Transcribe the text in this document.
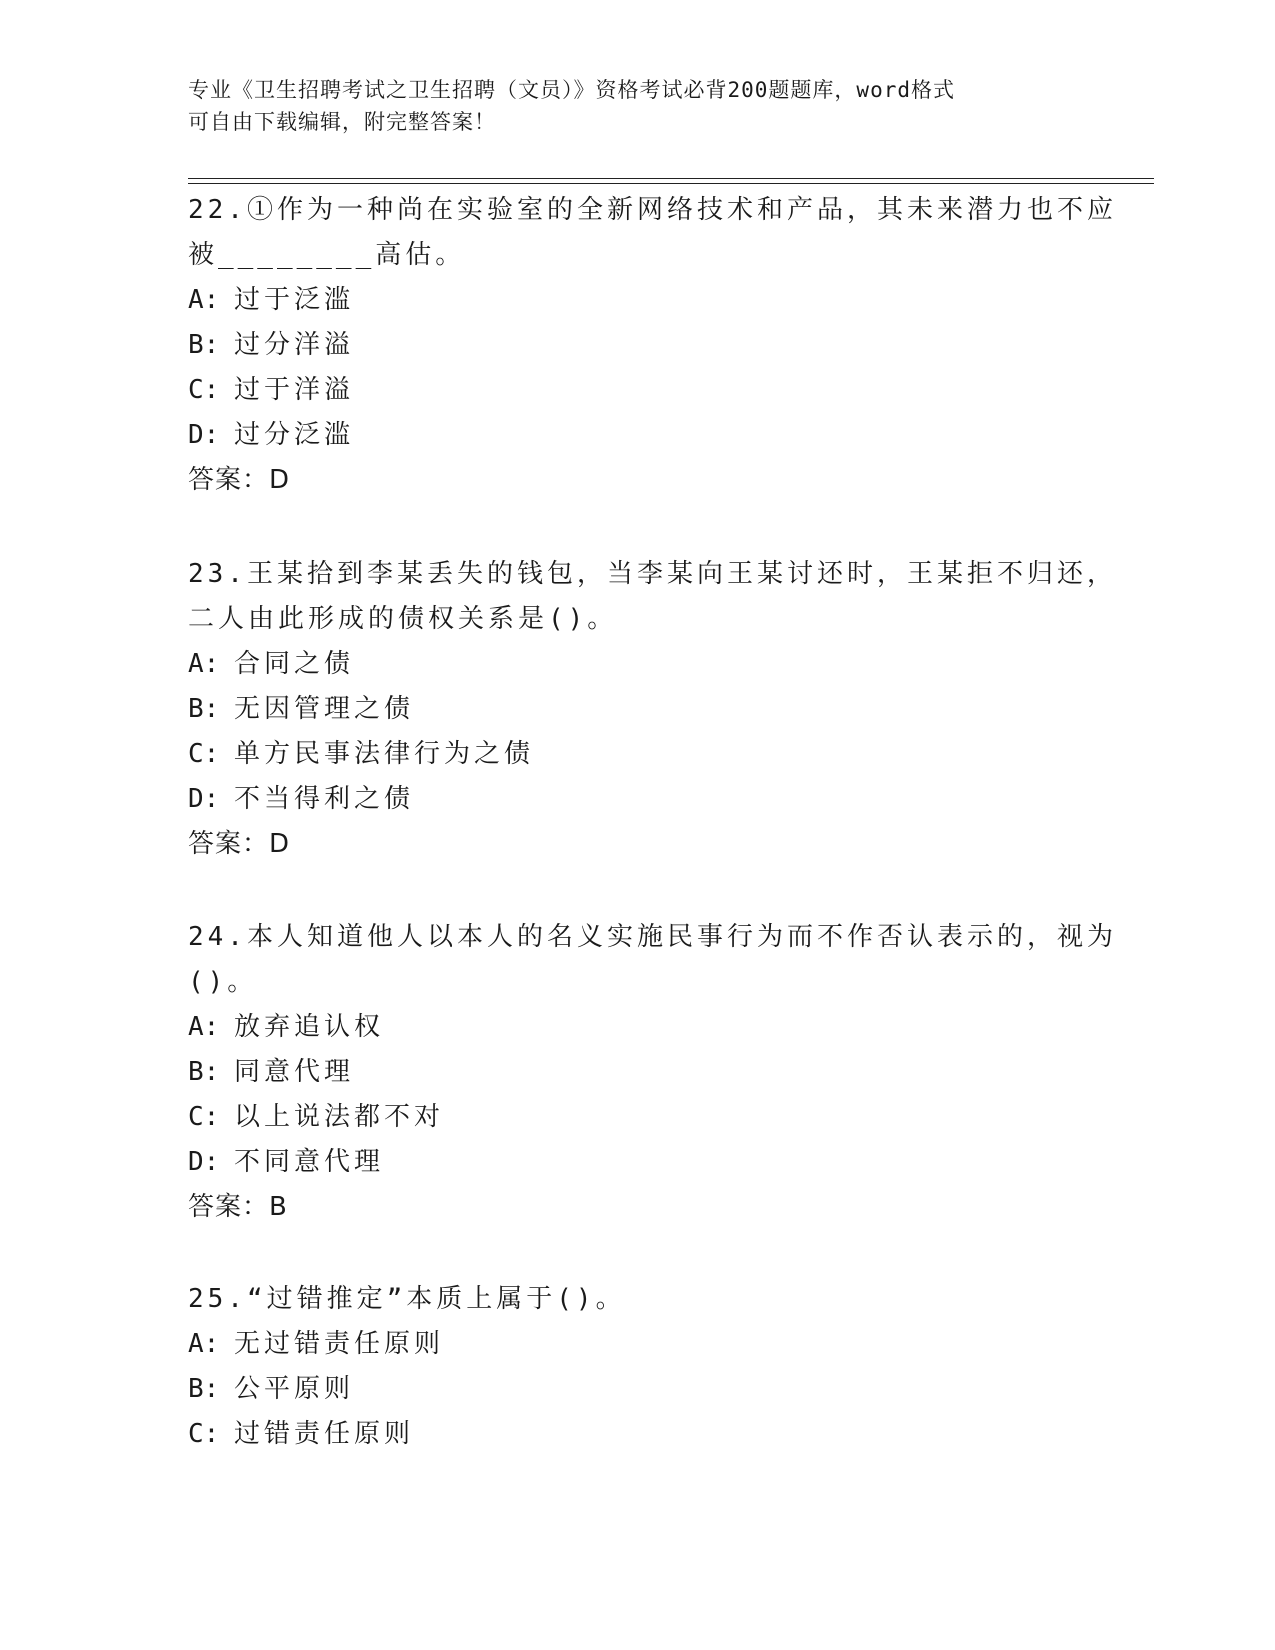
专业《卫生招聘考试之卫生招聘（文员）》资格考试必背200题题库，word格式
可自由下载编辑，附完整答案！
22.①作为一种尚在实验室的全新网络技术和产品，其未来潜力也不应
被________高估。
A: 过于泛滥
B: 过分洋溢
C: 过于洋溢
D: 过分泛滥
答案：D
23.王某拾到李某丢失的钱包，当李某向王某讨还时，王某拒不归还，
二人由此形成的债权关系是()。
A: 合同之债
B: 无因管理之债
C: 单方民事法律行为之债
D: 不当得利之债
答案：D
24.本人知道他人以本人的名义实施民事行为而不作否认表示的，视为
()。
A: 放弃追认权
B: 同意代理
C: 以上说法都不对
D: 不同意代理
答案：B
25.“过错推定”本质上属于()。
A: 无过错责任原则
B: 公平原则
C: 过错责任原则
